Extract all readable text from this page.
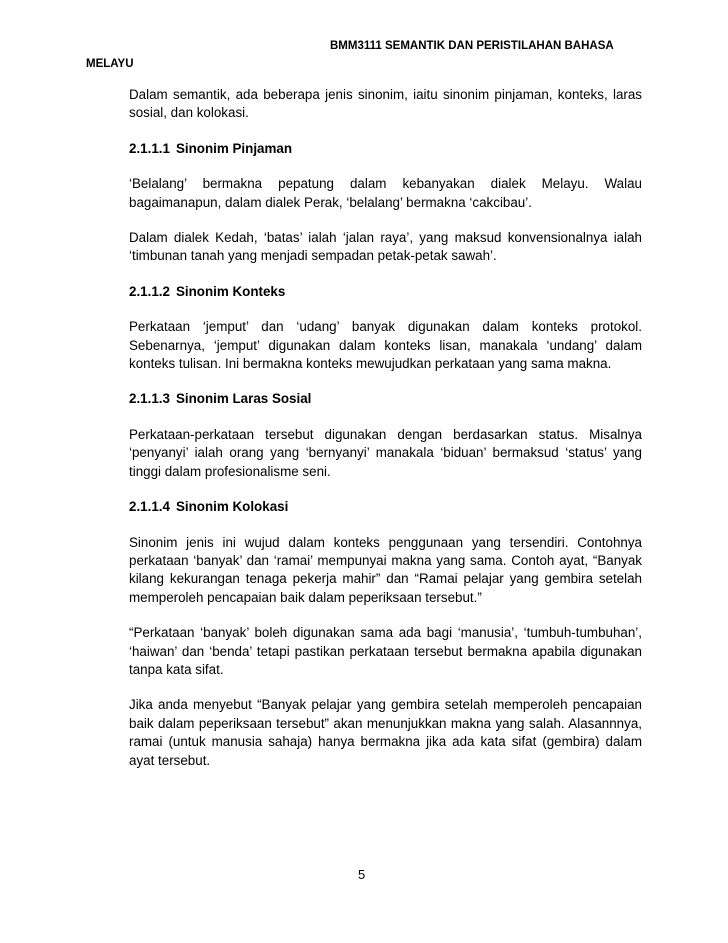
BMM3111 SEMANTIK DAN PERISTILAHAN BAHASA
MELAYU

Dalam semantik, ada beberapa jenis sinonim, iaitu sinonim pinjaman, konteks, laras sosial, dan kolokasi.

2.1.1.1 Sinonim Pinjaman

‘Belalang’ bermakna pepatung dalam kebanyakan dialek Melayu. Walau bagaimanapun, dalam dialek Perak, ‘belalang’ bermakna ‘cakcibau’.

Dalam dialek Kedah, ‘batas’ ialah ‘jalan raya’, yang maksud konvensionalnya ialah ‘timbunan tanah yang menjadi sempadan petak-petak sawah’.

2.1.1.2 Sinonim Konteks

Perkataan ‘jemput’ dan ‘udang’ banyak digunakan dalam konteks protokol. Sebenarnya, ‘jemput’ digunakan dalam konteks lisan, manakala ‘undang’ dalam konteks tulisan. Ini bermakna konteks mewujudkan perkataan yang sama makna.

2.1.1.3 Sinonim Laras Sosial

Perkataan-perkataan tersebut digunakan dengan berdasarkan status. Misalnya ‘penyanyi’ ialah orang yang ‘bernyanyi’ manakala ‘biduan’ bermaksud ‘status’ yang tinggi dalam profesionalisme seni.

2.1.1.4 Sinonim Kolokasi

Sinonim jenis ini wujud dalam konteks penggunaan yang tersendiri. Contohnya perkataan ‘banyak’ dan ‘ramai’ mempunyai makna yang sama. Contoh ayat, “Banyak kilang kekurangan tenaga pekerja mahir” dan “Ramai pelajar yang gembira setelah memperoleh pencapaian baik dalam peperiksaan tersebut.”

“Perkataan ‘banyak’ boleh digunakan sama ada bagi ‘manusia’, ‘tumbuh-tumbuhan’, ‘haiwan’ dan ‘benda’ tetapi pastikan perkataan tersebut bermakna apabila digunakan tanpa kata sifat.

Jika anda menyebut “Banyak pelajar yang gembira setelah memperoleh pencapaian baik dalam peperiksaan tersebut” akan menunjukkan makna yang salah. Alasannnya, ramai (untuk manusia sahaja) hanya bermakna jika ada kata sifat (gembira) dalam ayat tersebut.

5
